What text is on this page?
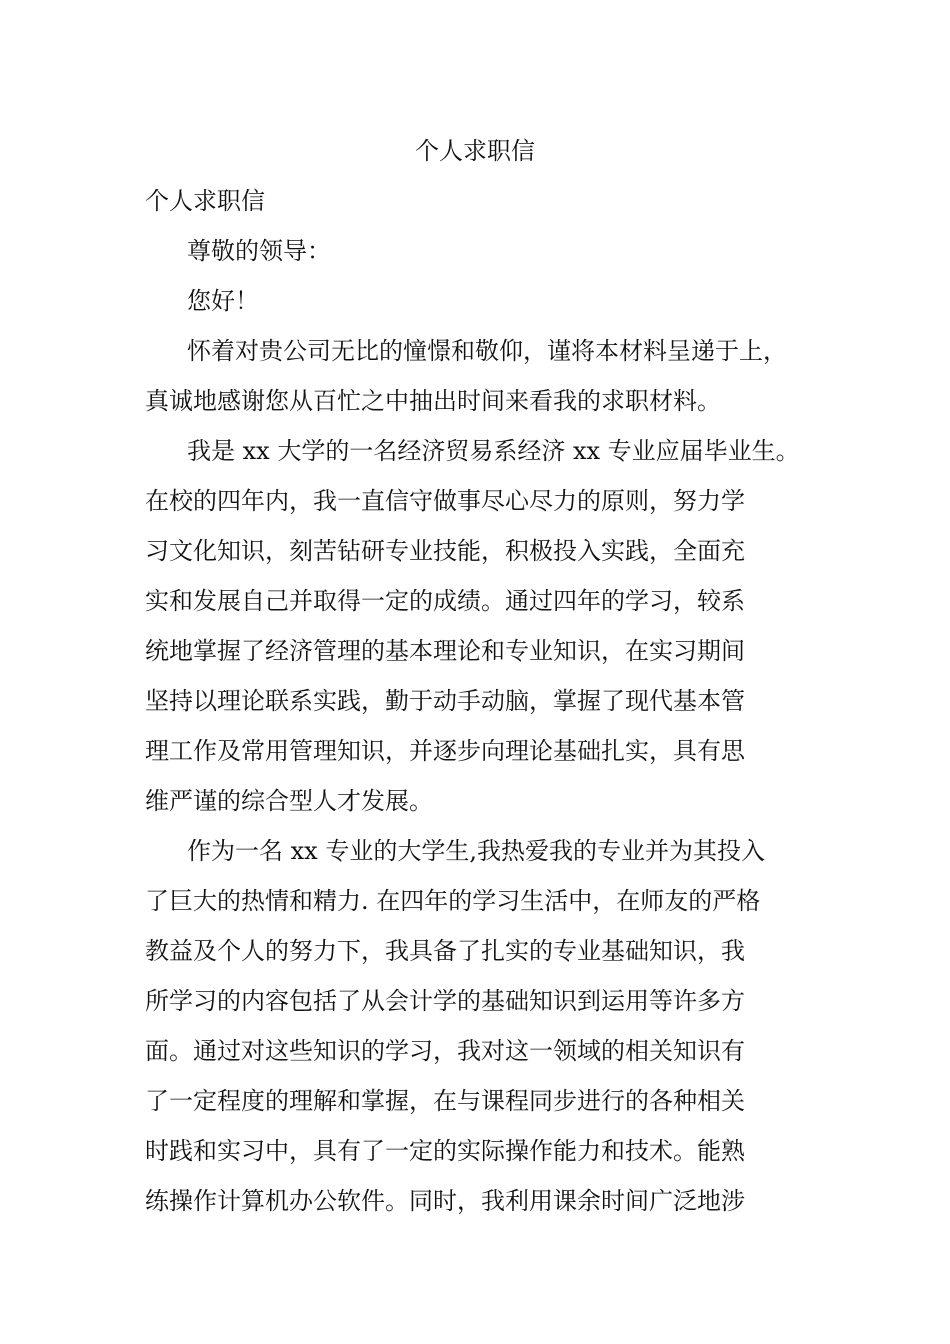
个人求职信

个人求职信

尊敬的领导：

您好！

怀着对贵公司无比的憧憬和敬仰，谨将本材料呈递于上，

真诚地感谢您从百忙之中抽出时间来看我的求职材料。

我是 xx 大学的一名经济贸易系经济 xx 专业应届毕业生。

在校的四年内，我一直信守做事尽心尽力的原则，努力学

习文化知识，刻苦钻研专业技能，积极投入实践，全面充

实和发展自己并取得一定的成绩。通过四年的学习，较系

统地掌握了经济管理的基本理论和专业知识，在实习期间

坚持以理论联系实践，勤于动手动脑，掌握了现代基本管

理工作及常用管理知识，并逐步向理论基础扎实，具有思

维严谨的综合型人才发展。

作为一名 xx 专业的大学生,我热爱我的专业并为其投入

了巨大的热情和精力. 在四年的学习生活中，在师友的严格

教益及个人的努力下，我具备了扎实的专业基础知识，我

所学习的内容包括了从会计学的基础知识到运用等许多方

面。通过对这些知识的学习，我对这一领域的相关知识有

了一定程度的理解和掌握，在与课程同步进行的各种相关

时践和实习中，具有了一定的实际操作能力和技术。能熟

练操作计算机办公软件。同时，我利用课余时间广泛地涉
